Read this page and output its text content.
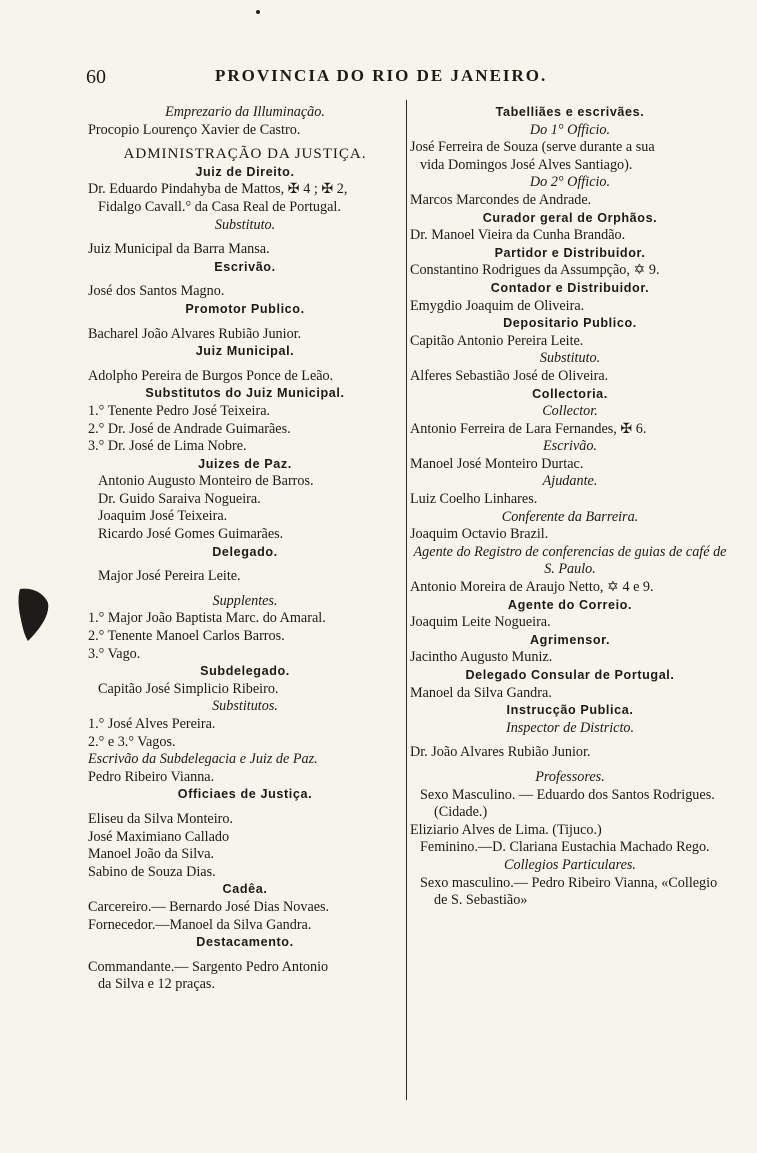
60	PROVINCIA DO RIO DE JANEIRO.

Emprezario da Illuminação.

Procopio Lourenço Xavier de Castro.

ADMINISTRAÇÃO DA JUSTIÇA.

Juiz de Direito.

Dr. Eduardo Pindahyba de Mattos, ✠ 4 ; ✠ 2,

Fidalgo Cavall.° da Casa Real de Portugal.

Substituto.

Juiz Municipal da Barra Mansa.

Escrivão.

José dos Santos Magno.

Promotor Publico.

Bacharel João Alvares Rubião Junior.

Juiz Municipal.

Adolpho Pereira de Burgos Ponce de Leão.

Substitutos do Juiz Municipal.

1.° Tenente Pedro José Teixeira.

2.° Dr. José de Andrade Guimarães.

3.° Dr. José de Lima Nobre.

Juizes de Paz.

Antonio Augusto Monteiro de Barros.

Dr. Guido Saraiva Nogueira.

Joaquim José Teixeira.

Ricardo José Gomes Guimarães.

Delegado.

Major José Pereira Leite.

Supplentes.

1.° Major João Baptista Marc. do Amaral.

2.° Tenente Manoel Carlos Barros.

3.° Vago.

Subdelegado.

Capitão José Simplicio Ribeiro.

Substitutos.

1.° José Alves Pereira.

2.° e 3.° Vagos.

Escrivão da Subdelegacia e Juiz de Paz.

Pedro Ribeiro Vianna.

Officiaes de Justiça.

Eliseu da Silva Monteiro.

José Maximiano Callado

Manoel João da Silva.

Sabino de Souza Dias.

Cadêa.

Carcereiro.— Bernardo José Dias Novaes.

Fornecedor.—Manoel da Silva Gandra.

Destacamento.

Commandante.— Sargento Pedro Antonio

da Silva e 12 praças.

Tabelliães e escrivães.

Do 1° Officio.

José Ferreira de Souza (serve durante a sua

vida Domingos José Alves Santiago).

Do 2° Officio.

Marcos Marcondes de Andrade.

Curador geral de Orphãos.

Dr. Manoel Vieira da Cunha Brandão.

Partidor e Distribuidor.

Constantino Rodrigues da Assumpção, ✡ 9.

Contador e Distribuidor.

Emygdio Joaquim de Oliveira.

Depositario Publico.

Capitão Antonio Pereira Leite.

Substituto.

Alferes Sebastião José de Oliveira.

Collectoria.

Collector.

Antonio Ferreira de Lara Fernandes, ✠ 6.

Escrivão.

Manoel José Monteiro Durtac.

Ajudante.

Luiz Coelho Linhares.

Conferente da Barreira.

Joaquim Octavio Brazil.

Agente do Registro de conferencias de guias de café de S. Paulo.

Antonio Moreira de Araujo Netto, ✡ 4 e 9.

Agente do Correio.

Joaquim Leite Nogueira.

Agrimensor.

Jacintho Augusto Muniz.

Delegado Consular de Portugal.

Manoel da Silva Gandra.

Instrucção Publica.

Inspector de Districto.

Dr. João Alvares Rubião Junior.

Professores.

Sexo Masculino. — Eduardo dos Santos Rodrigues. (Cidade.)

Eliziario Alves de Lima. (Tijuco.)

Feminino.—D. Clariana Eustachia Machado Rego.

Collegios Particulares.

Sexo masculino.— Pedro Ribeiro Vianna, «Collegio de S. Sebastião»
